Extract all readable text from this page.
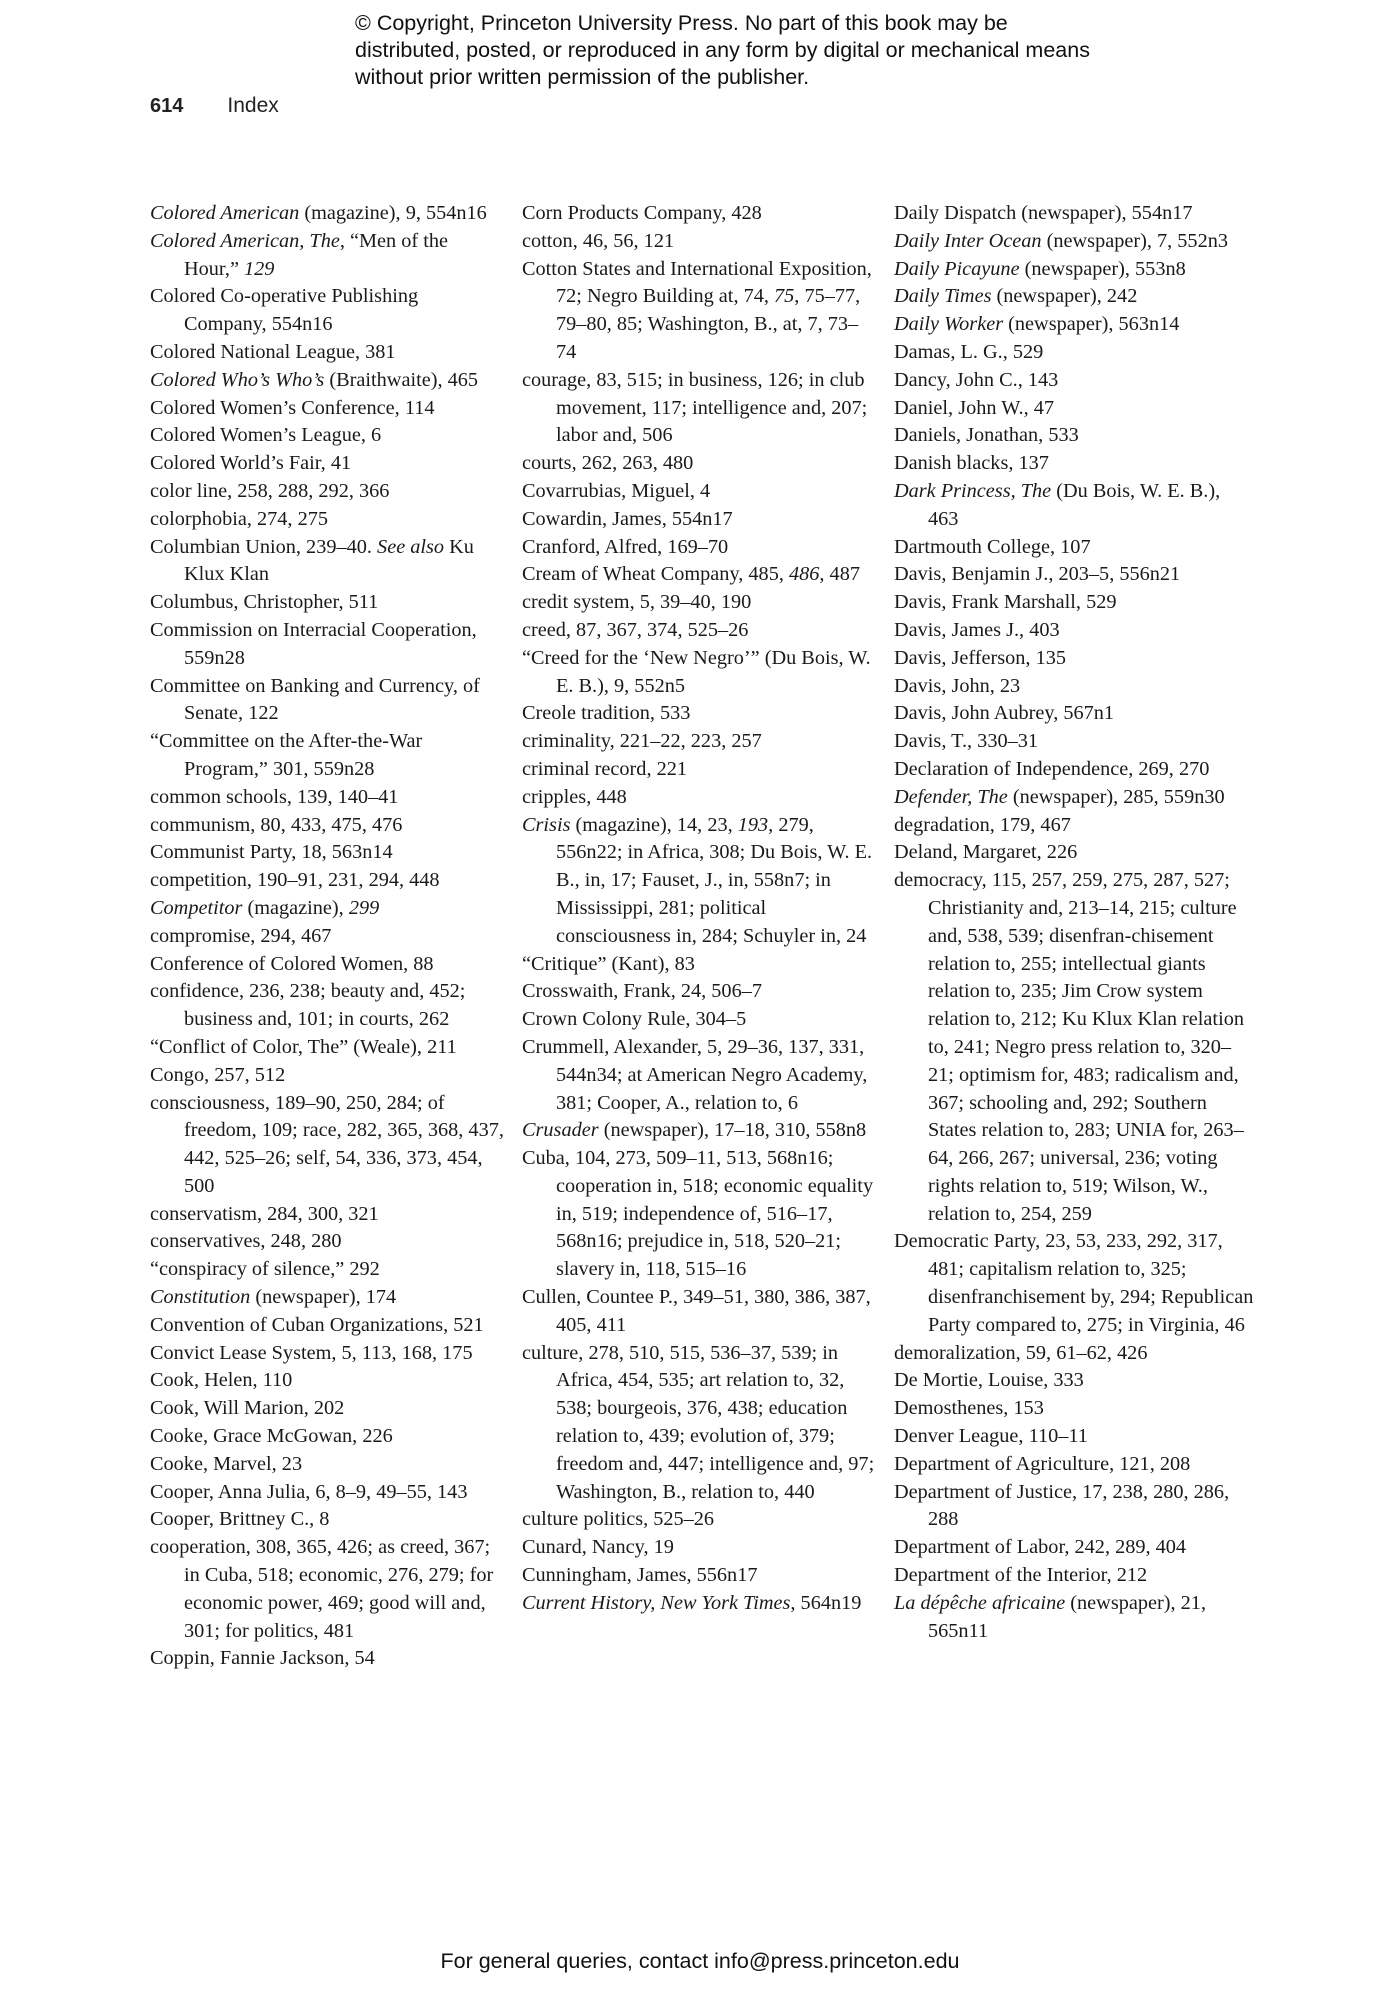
© Copyright, Princeton University Press. No part of this book may be distributed, posted, or reproduced in any form by digital or mechanical means without prior written permission of the publisher.
614 Index

Colored American (magazine), 9, 554n16

Colored American, The, “Men of the Hour,” 129

Colored Co-operative Publishing Company, 554n16

Colored National League, 381

Colored Who’s Who’s (Braithwaite), 465

Colored Women’s Conference, 114

Colored Women’s League, 6

Colored World’s Fair, 41

color line, 258, 288, 292, 366

colorphobia, 274, 275

Columbian Union, 239–40. See also Ku Klux Klan

Columbus, Christopher, 511

Commission on Interracial Cooperation, 559n28

Committee on Banking and Currency, of Senate, 122

“Committee on the After-the-War Program,” 301, 559n28

common schools, 139, 140–41

communism, 80, 433, 475, 476

Communist Party, 18, 563n14

competition, 190–91, 231, 294, 448

Competitor (magazine), 299

compromise, 294, 467

Conference of Colored Women, 88

confidence, 236, 238; beauty and, 452; business and, 101; in courts, 262

“Conflict of Color, The” (Weale), 211

Congo, 257, 512

consciousness, 189–90, 250, 284; of freedom, 109; race, 282, 365, 368, 437, 442, 525–26; self, 54, 336, 373, 454, 500

conservatism, 284, 300, 321

conservatives, 248, 280

“conspiracy of silence,” 292

Constitution (newspaper), 174

Convention of Cuban Organizations, 521

Convict Lease System, 5, 113, 168, 175

Cook, Helen, 110

Cook, Will Marion, 202

Cooke, Grace McGowan, 226

Cooke, Marvel, 23

Cooper, Anna Julia, 6, 8–9, 49–55, 143

Cooper, Brittney C., 8

cooperation, 308, 365, 426; as creed, 367; in Cuba, 518; economic, 276, 279; for economic power, 469; good will and, 301; for politics, 481

Coppin, Fannie Jackson, 54

Corn Products Company, 428

cotton, 46, 56, 121

Cotton States and International Exposition, 72; Negro Building at, 74, 75, 75–77, 79–80, 85; Washington, B., at, 7, 73–74

courage, 83, 515; in business, 126; in club movement, 117; intelligence and, 207; labor and, 506

courts, 262, 263, 480

Covarrubias, Miguel, 4

Cowardin, James, 554n17

Cranford, Alfred, 169–70

Cream of Wheat Company, 485, 486, 487

credit system, 5, 39–40, 190

creed, 87, 367, 374, 525–26

“Creed for the ‘New Negro’” (Du Bois, W. E. B.), 9, 552n5

Creole tradition, 533

criminality, 221–22, 223, 257

criminal record, 221

cripples, 448

Crisis (magazine), 14, 23, 193, 279, 556n22; in Africa, 308; Du Bois, W. E. B., in, 17; Fauset, J., in, 558n7; in Mississippi, 281; political consciousness in, 284; Schuyler in, 24

“Critique” (Kant), 83

Crosswaith, Frank, 24, 506–7

Crown Colony Rule, 304–5

Crummell, Alexander, 5, 29–36, 137, 331, 544n34; at American Negro Academy, 381; Cooper, A., relation to, 6

Crusader (newspaper), 17–18, 310, 558n8

Cuba, 104, 273, 509–11, 513, 568n16; cooperation in, 518; economic equality in, 519; independence of, 516–17, 568n16; prejudice in, 518, 520–21; slavery in, 118, 515–16

Cullen, Countee P., 349–51, 380, 386, 387, 405, 411

culture, 278, 510, 515, 536–37, 539; in Africa, 454, 535; art relation to, 32, 538; bourgeois, 376, 438; education relation to, 439; evolution of, 379; freedom and, 447; intelligence and, 97; Washington, B., relation to, 440

culture politics, 525–26

Cunard, Nancy, 19

Cunningham, James, 556n17

Current History, New York Times, 564n19

Daily Dispatch (newspaper), 554n17

Daily Inter Ocean (newspaper), 7, 552n3

Daily Picayune (newspaper), 553n8

Daily Times (newspaper), 242

Daily Worker (newspaper), 563n14

Damas, L. G., 529

Dancy, John C., 143

Daniel, John W., 47

Daniels, Jonathan, 533

Danish blacks, 137

Dark Princess, The (Du Bois, W. E. B.), 463

Dartmouth College, 107

Davis, Benjamin J., 203–5, 556n21

Davis, Frank Marshall, 529

Davis, James J., 403

Davis, Jefferson, 135

Davis, John, 23

Davis, John Aubrey, 567n1

Davis, T., 330–31

Declaration of Independence, 269, 270

Defender, The (newspaper), 285, 559n30

degradation, 179, 467

Deland, Margaret, 226

democracy, 115, 257, 259, 275, 287, 527; Christianity and, 213–14, 215; culture and, 538, 539; disenfran-chisement relation to, 255; intellectual giants relation to, 235; Jim Crow system relation to, 212; Ku Klux Klan relation to, 241; Negro press relation to, 320–21; optimism for, 483; radicalism and, 367; schooling and, 292; Southern States relation to, 283; UNIA for, 263–64, 266, 267; universal, 236; voting rights relation to, 519; Wilson, W., relation to, 254, 259

Democratic Party, 23, 53, 233, 292, 317, 481; capitalism relation to, 325; disenfranchisement by, 294; Republican Party compared to, 275; in Virginia, 46

demoralization, 59, 61–62, 426

De Mortie, Louise, 333

Demosthenes, 153

Denver League, 110–11

Department of Agriculture, 121, 208

Department of Justice, 17, 238, 280, 286, 288

Department of Labor, 242, 289, 404

Department of the Interior, 212

La dépêche africaine (newspaper), 21, 565n11

For general queries, contact info@press.princeton.edu
